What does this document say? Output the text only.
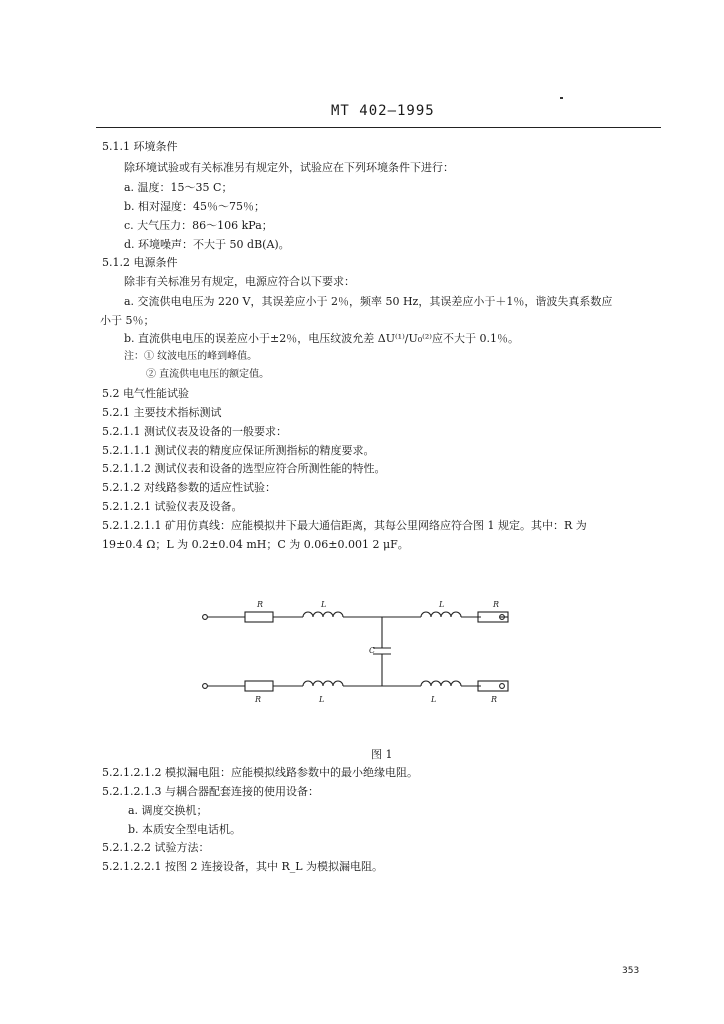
MT 402—1995
5.1.1 环境条件
除环境试验或有关标准另有规定外，试验应在下列环境条件下进行：
a. 温度：15～35 C；
b. 相对湿度：45％～75％；
c. 大气压力：86～106 kPa；
d. 环境噪声：不大于 50 dB(A)。
5.1.2 电源条件
除非有关标准另有规定，电源应符合以下要求：
a. 交流供电电压为 220 V，其误差应小于 2％，频率 50 Hz，其误差应小于＋1％，谐波失真系数应
小于 5％；
b. 直流供电电压的误差应小于±2％，电压纹波允差 ΔU⁽¹⁾/U₀⁽²⁾应不大于 0.1％。
注：① 纹波电压的峰到峰值。
② 直流供电电压的额定值。
5.2 电气性能试验
5.2.1 主要技术指标测试
5.2.1.1 测试仪表及设备的一般要求：
5.2.1.1.1 测试仪表的精度应保证所测指标的精度要求。
5.2.1.1.2 测试仪表和设备的选型应符合所测性能的特性。
5.2.1.2 对线路参数的适应性试验：
5.2.1.2.1 试验仪表及设备。
5.2.1.2.1.1 矿用仿真线：应能模拟井下最大通信距离，其每公里网络应符合图 1 规定。其中：R 为
19±0.4 Ω；L 为 0.2±0.04 mH；C 为 0.06±0.001 2 μF。
R	L	L	R
C
R	L	L	R
图 1
5.2.1.2.1.2 模拟漏电阻：应能模拟线路参数中的最小绝缘电阻。
5.2.1.2.1.3 与耦合器配套连接的使用设备：
a. 调度交换机；
b. 本质安全型电话机。
5.2.1.2.2 试验方法：
5.2.1.2.2.1 按图 2 连接设备，其中 R_L 为模拟漏电阻。
353
